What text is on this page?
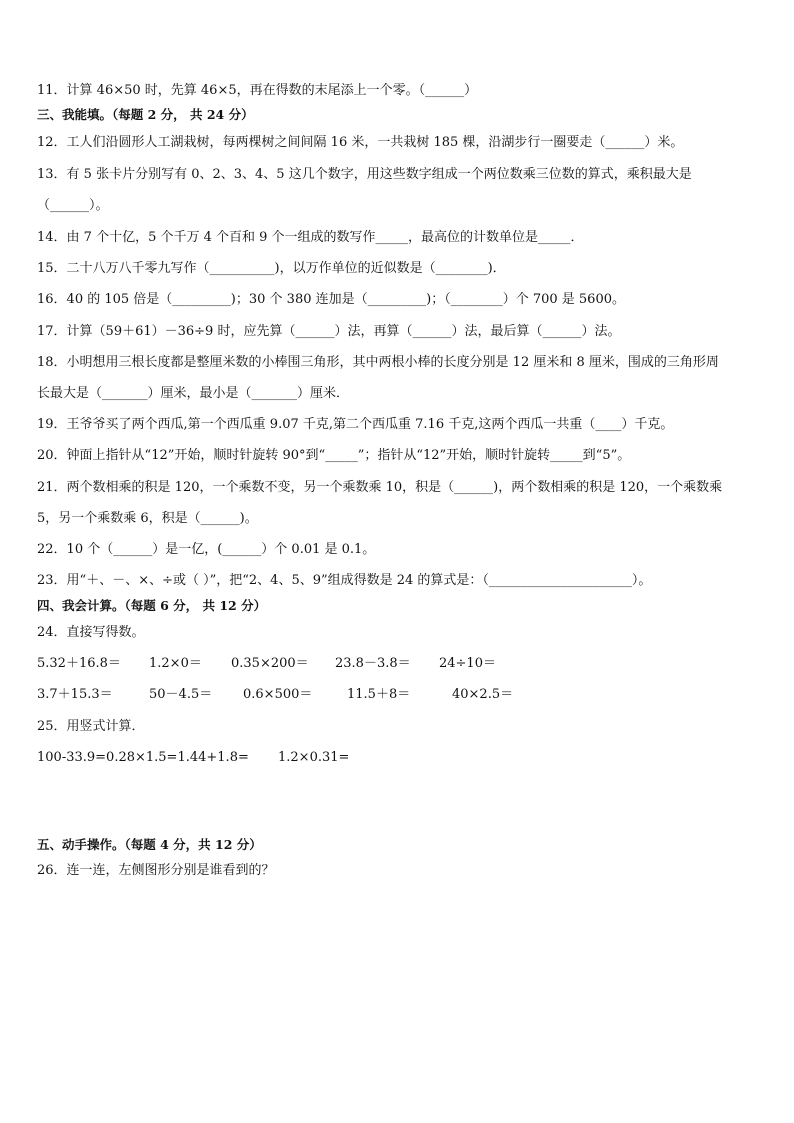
11．计算 46×50 时，先算 46×5，再在得数的末尾添上一个零。（______）
三、我能填。（每题 2 分， 共 24 分）
12．工人们沿圆形人工湖栽树，每两棵树之间间隔 16 米，一共栽树 185 棵，沿湖步行一圈要走（______）米。
13．有 5 张卡片分别写有 0、2、3、4、5 这几个数字，用这些数字组成一个两位数乘三位数的算式，乘积最大是
（______）。
14．由 7 个十亿，5 个千万 4 个百和 9 个一组成的数写作_____，最高位的计数单位是_____．
15．二十八万八千零九写作（__________)，以万作单位的近似数是（________)．
16．40 的 105 倍是（_________)；30 个 380 连加是（_________)；（________）个 700 是 5600。
17．计算（59＋61）－36÷9 时，应先算（______）法，再算（______）法，最后算（______）法。
18．小明想用三根长度都是整厘米数的小棒围三角形，其中两根小棒的长度分别是 12 厘米和 8 厘米，围成的三角形周
长最大是（_______）厘米，最小是（_______）厘米．
19．王爷爷买了两个西瓜,第一个西瓜重 9.07 千克,第二个西瓜重 7.16 千克,这两个西瓜一共重（____）千克。
20．钟面上指针从“12”开始，顺时针旋转 90°到“_____”；指针从“12”开始，顺时针旋转_____到“5”。
21．两个数相乘的积是 120，一个乘数不变，另一个乘数乘 10，积是（______)，两个数相乘的积是 120，一个乘数乘
5，另一个乘数乘 6，积是（______)。
22．10 个（______）是一亿，(______）个 0.01 是 0.1。
23．用“＋、－、×、÷或（ ）”，把“2、4、5、9”组成得数是 24 的算式是：（______________________）。
四、我会计算。（每题 6 分， 共 12 分）
24．直接写得数。
5.32＋16.8＝ 1.2×0＝ 0.35×200＝ 23.8－3.8＝ 24÷10＝
3.7＋15.3＝	50－4.5＝ 0.6×500＝	11.5＋8＝	40×2.5＝
25．用竖式计算．
100-33.9=0.28×1.5=1.44+1.8= 1.2×0.31=
五、动手操作。（每题 4 分，共 12 分）
26．连一连，左侧图形分别是谁看到的？
